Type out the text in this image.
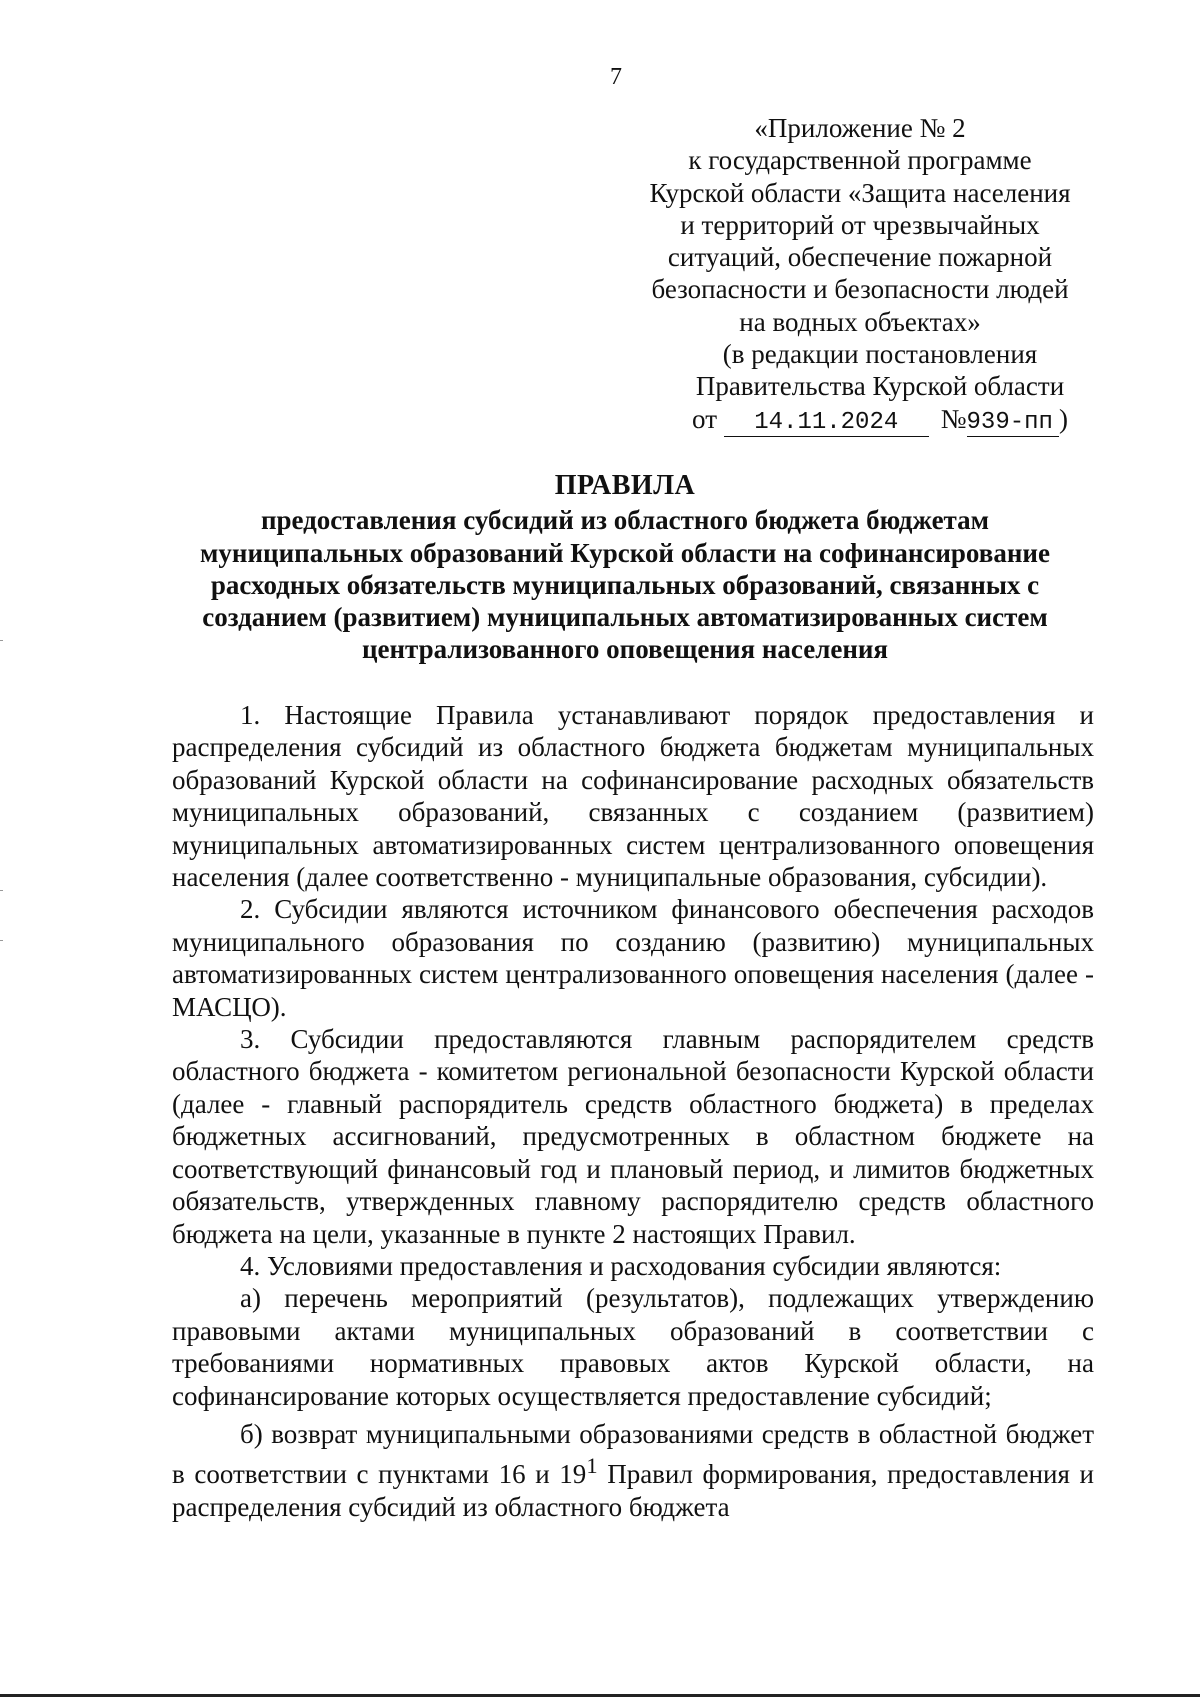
7
«Приложение № 2
к государственной программе
Курской области «Защита населения
и территорий от чрезвычайных
ситуаций, обеспечение пожарной
безопасности и безопасности людей
на водных объектах»
(в редакции постановления
Правительства Курской области
от 14.11.2024 №939-пп )
ПРАВИЛА
предоставления субсидий из областного бюджета бюджетам
муниципальных образований Курской области на софинансирование
расходных обязательств муниципальных образований, связанных с
созданием (развитием) муниципальных автоматизированных систем
централизованного оповещения населения

1. Настоящие Правила устанавливают порядок предоставления и распределения субсидий из областного бюджета бюджетам муниципальных образований Курской области на софинансирование расходных обязательств муниципальных образований, связанных с созданием (развитием) муниципальных автоматизированных систем централизованного оповещения населения (далее соответственно - муниципальные образования, субсидии).

2. Субсидии являются источником финансового обеспечения расходов муниципального образования по созданию (развитию) муниципальных автоматизированных систем централизованного оповещения населения (далее - МАСЦО).

3. Субсидии предоставляются главным распорядителем средств областного бюджета - комитетом региональной безопасности Курской области (далее - главный распорядитель средств областного бюджета) в пределах бюджетных ассигнований, предусмотренных в областном бюджете на соответствующий финансовый год и плановый период, и лимитов бюджетных обязательств, утвержденных главному распорядителю средств областного бюджета на цели, указанные в пункте 2 настоящих Правил.

4. Условиями предоставления и расходования субсидии являются:

а) перечень мероприятий (результатов), подлежащих утверждению правовыми актами муниципальных образований в соответствии с требованиями нормативных правовых актов Курской области, на софинансирование которых осуществляется предоставление субсидий;

б) возврат муниципальными образованиями средств в областной бюджет в соответствии с пунктами 16 и $19^1$ Правил формирования, предоставления и распределения субсидий из областного бюджета
